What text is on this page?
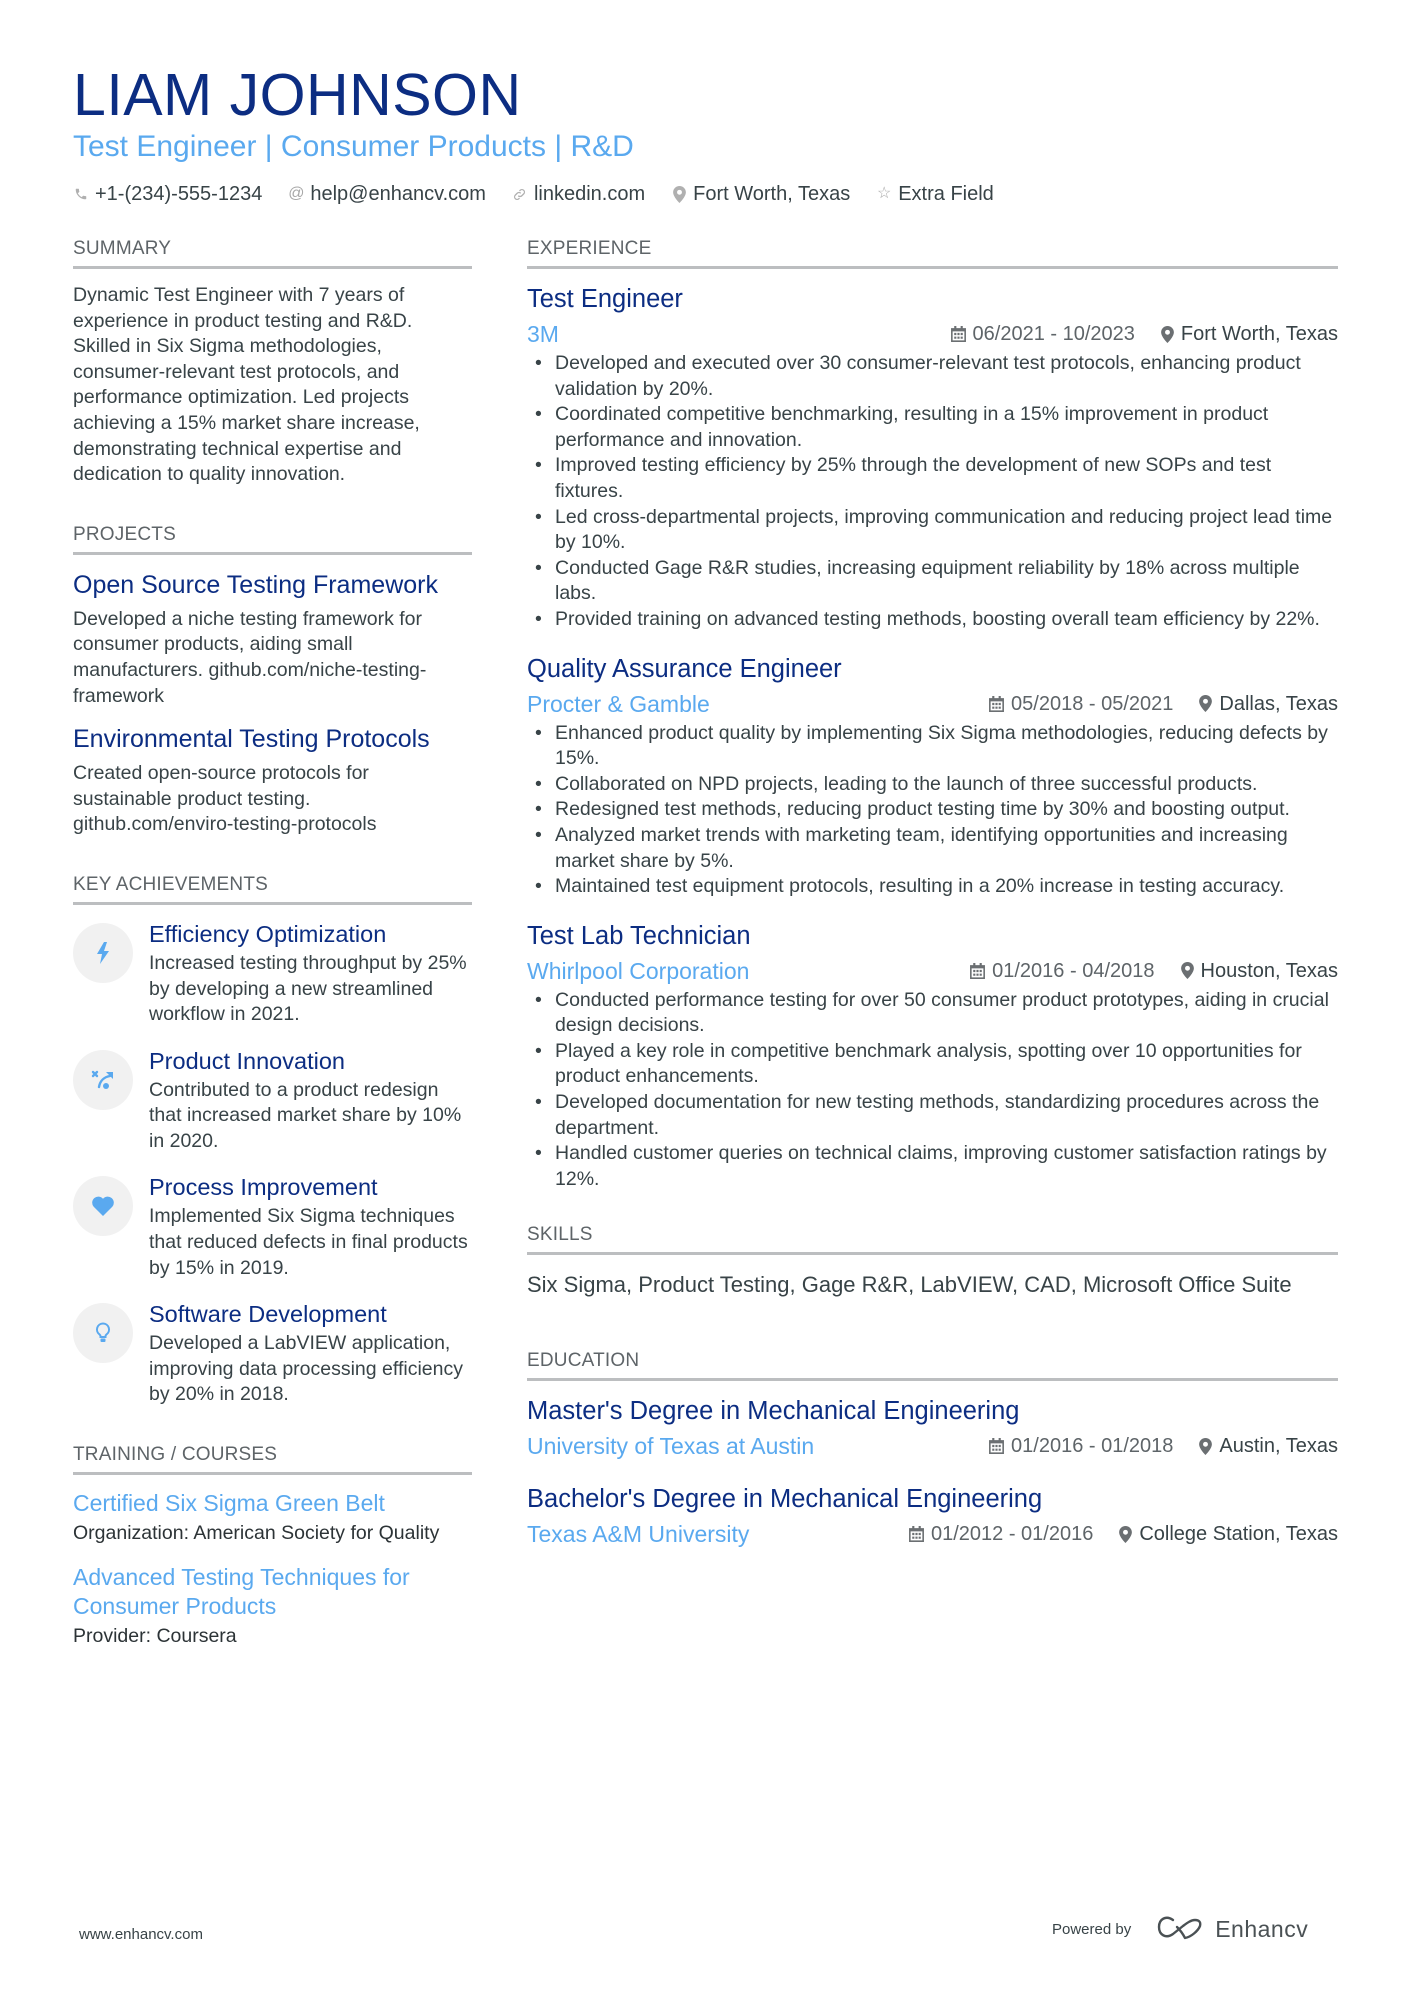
LIAM JOHNSON
Test Engineer | Consumer Products | R&D
+1-(234)-555-1234 @ help@enhancv.com linkedin.com Fort Worth, Texas ☆ Extra Field
SUMMARY
Dynamic Test Engineer with 7 years of experience in product testing and R&D. Skilled in Six Sigma methodologies, consumer-relevant test protocols, and performance optimization. Led projects achieving a 15% market share increase, demonstrating technical expertise and dedication to quality innovation.
PROJECTS
Open Source Testing Framework
Developed a niche testing framework for consumer products, aiding small manufacturers. github.com/niche-testing-framework
Environmental Testing Protocols
Created open-source protocols for sustainable product testing. github.com/enviro-testing-protocols
KEY ACHIEVEMENTS
Efficiency Optimization
Increased testing throughput by 25% by developing a new streamlined workflow in 2021.
Product Innovation
Contributed to a product redesign that increased market share by 10% in 2020.
Process Improvement
Implemented Six Sigma techniques that reduced defects in final products by 15% in 2019.
Software Development
Developed a LabVIEW application, improving data processing efficiency by 20% in 2018.
TRAINING / COURSES
Certified Six Sigma Green Belt
Organization: American Society for Quality
Advanced Testing Techniques for Consumer Products
Provider: Coursera
EXPERIENCE
Test Engineer
3M	06/2021 - 10/2023 Fort Worth, Texas
• Developed and executed over 30 consumer-relevant test protocols, enhancing product validation by 20%.
• Coordinated competitive benchmarking, resulting in a 15% improvement in product performance and innovation.
• Improved testing efficiency by 25% through the development of new SOPs and test fixtures.
• Led cross-departmental projects, improving communication and reducing project lead time by 10%.
• Conducted Gage R&R studies, increasing equipment reliability by 18% across multiple labs.
• Provided training on advanced testing methods, boosting overall team efficiency by 22%.
Quality Assurance Engineer
Procter & Gamble	05/2018 - 05/2021 Dallas, Texas
• Enhanced product quality by implementing Six Sigma methodologies, reducing defects by 15%.
• Collaborated on NPD projects, leading to the launch of three successful products.
• Redesigned test methods, reducing product testing time by 30% and boosting output.
• Analyzed market trends with marketing team, identifying opportunities and increasing market share by 5%.
• Maintained test equipment protocols, resulting in a 20% increase in testing accuracy.
Test Lab Technician
Whirlpool Corporation	01/2016 - 04/2018 Houston, Texas
• Conducted performance testing for over 50 consumer product prototypes, aiding in crucial design decisions.
• Played a key role in competitive benchmark analysis, spotting over 10 opportunities for product enhancements.
• Developed documentation for new testing methods, standardizing procedures across the department.
• Handled customer queries on technical claims, improving customer satisfaction ratings by 12%.
SKILLS
Six Sigma, Product Testing, Gage R&R, LabVIEW, CAD, Microsoft Office Suite
EDUCATION
Master's Degree in Mechanical Engineering
University of Texas at Austin	01/2016 - 01/2018 Austin, Texas
Bachelor's Degree in Mechanical Engineering
Texas A&M University	01/2012 - 01/2016 College Station, Texas
www.enhancv.com	Powered by	Enhancv
